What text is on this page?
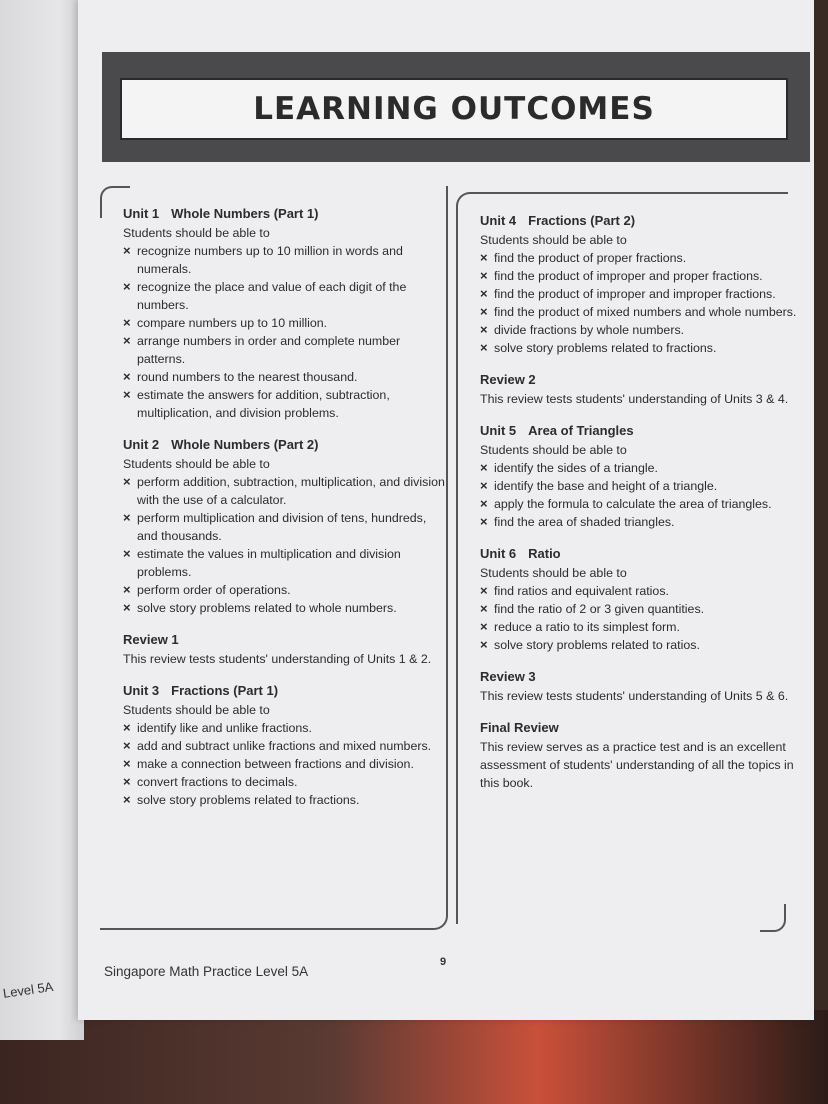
Level 5A
LEARNING OUTCOMES
Unit 1 Whole Numbers (Part 1)
Students should be able to
× recognize numbers up to 10 million in words and numerals.
× recognize the place and value of each digit of the numbers.
× compare numbers up to 10 million.
× arrange numbers in order and complete number patterns.
× round numbers to the nearest thousand.
× estimate the answers for addition, subtraction, multiplication, and division problems.
Unit 2 Whole Numbers (Part 2)
Students should be able to
× perform addition, subtraction, multiplication, and division with the use of a calculator.
× perform multiplication and division of tens, hundreds, and thousands.
× estimate the values in multiplication and division problems.
× perform order of operations.
× solve story problems related to whole numbers.
Review 1
This review tests students' understanding of Units 1 & 2.
Unit 3 Fractions (Part 1)
Students should be able to
× identify like and unlike fractions.
× add and subtract unlike fractions and mixed numbers.
× make a connection between fractions and division.
× convert fractions to decimals.
× solve story problems related to fractions.
Unit 4 Fractions (Part 2)
Students should be able to
× find the product of proper fractions.
× find the product of improper and proper fractions.
× find the product of improper and improper fractions.
× find the product of mixed numbers and whole numbers.
× divide fractions by whole numbers.
× solve story problems related to fractions.
Review 2
This review tests students' understanding of Units 3 & 4.
Unit 5 Area of Triangles
Students should be able to
× identify the sides of a triangle.
× identify the base and height of a triangle.
× apply the formula to calculate the area of triangles.
× find the area of shaded triangles.
Unit 6 Ratio
Students should be able to
× find ratios and equivalent ratios.
× find the ratio of 2 or 3 given quantities.
× reduce a ratio to its simplest form.
× solve story problems related to ratios.
Review 3
This review tests students' understanding of Units 5 & 6.
Final Review
This review serves as a practice test and is an excellent assessment of students' understanding of all the topics in this book.
9
Singapore Math Practice Level 5A
